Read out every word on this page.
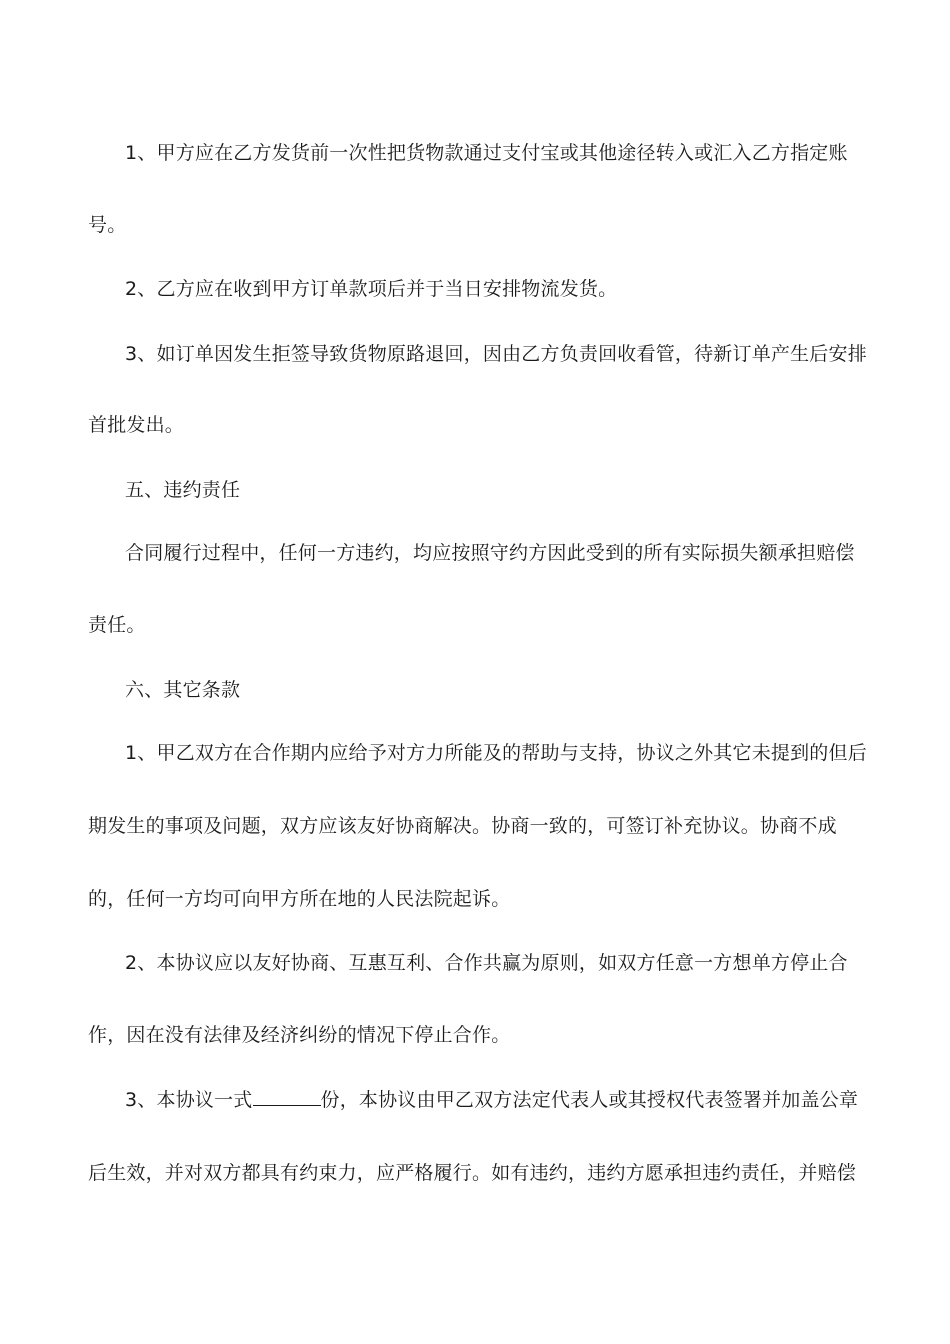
1、甲方应在乙方发货前一次性把货物款通过支付宝或其他途径转入或汇入乙方指定账
号。
2、乙方应在收到甲方订单款项后并于当日安排物流发货。
3、如订单因发生拒签导致货物原路退回，因由乙方负责回收看管，待新订单产生后安排
首批发出。
五、违约责任
合同履行过程中，任何一方违约，均应按照守约方因此受到的所有实际损失额承担赔偿
责任。
六、其它条款
1、甲乙双方在合作期内应给予对方力所能及的帮助与支持，协议之外其它未提到的但后
期发生的事项及问题，双方应该友好协商解决。协商一致的，可签订补充协议。协商不成
的，任何一方均可向甲方所在地的人民法院起诉。
2、本协议应以友好协商、互惠互利、合作共赢为原则，如双方任意一方想单方停止合
作，因在没有法律及经济纠纷的情况下停止合作。
3、本协议一式	份，本协议由甲乙双方法定代表人或其授权代表签署并加盖公章
后生效，并对双方都具有约束力，应严格履行。如有违约，违约方愿承担违约责任，并赔偿
